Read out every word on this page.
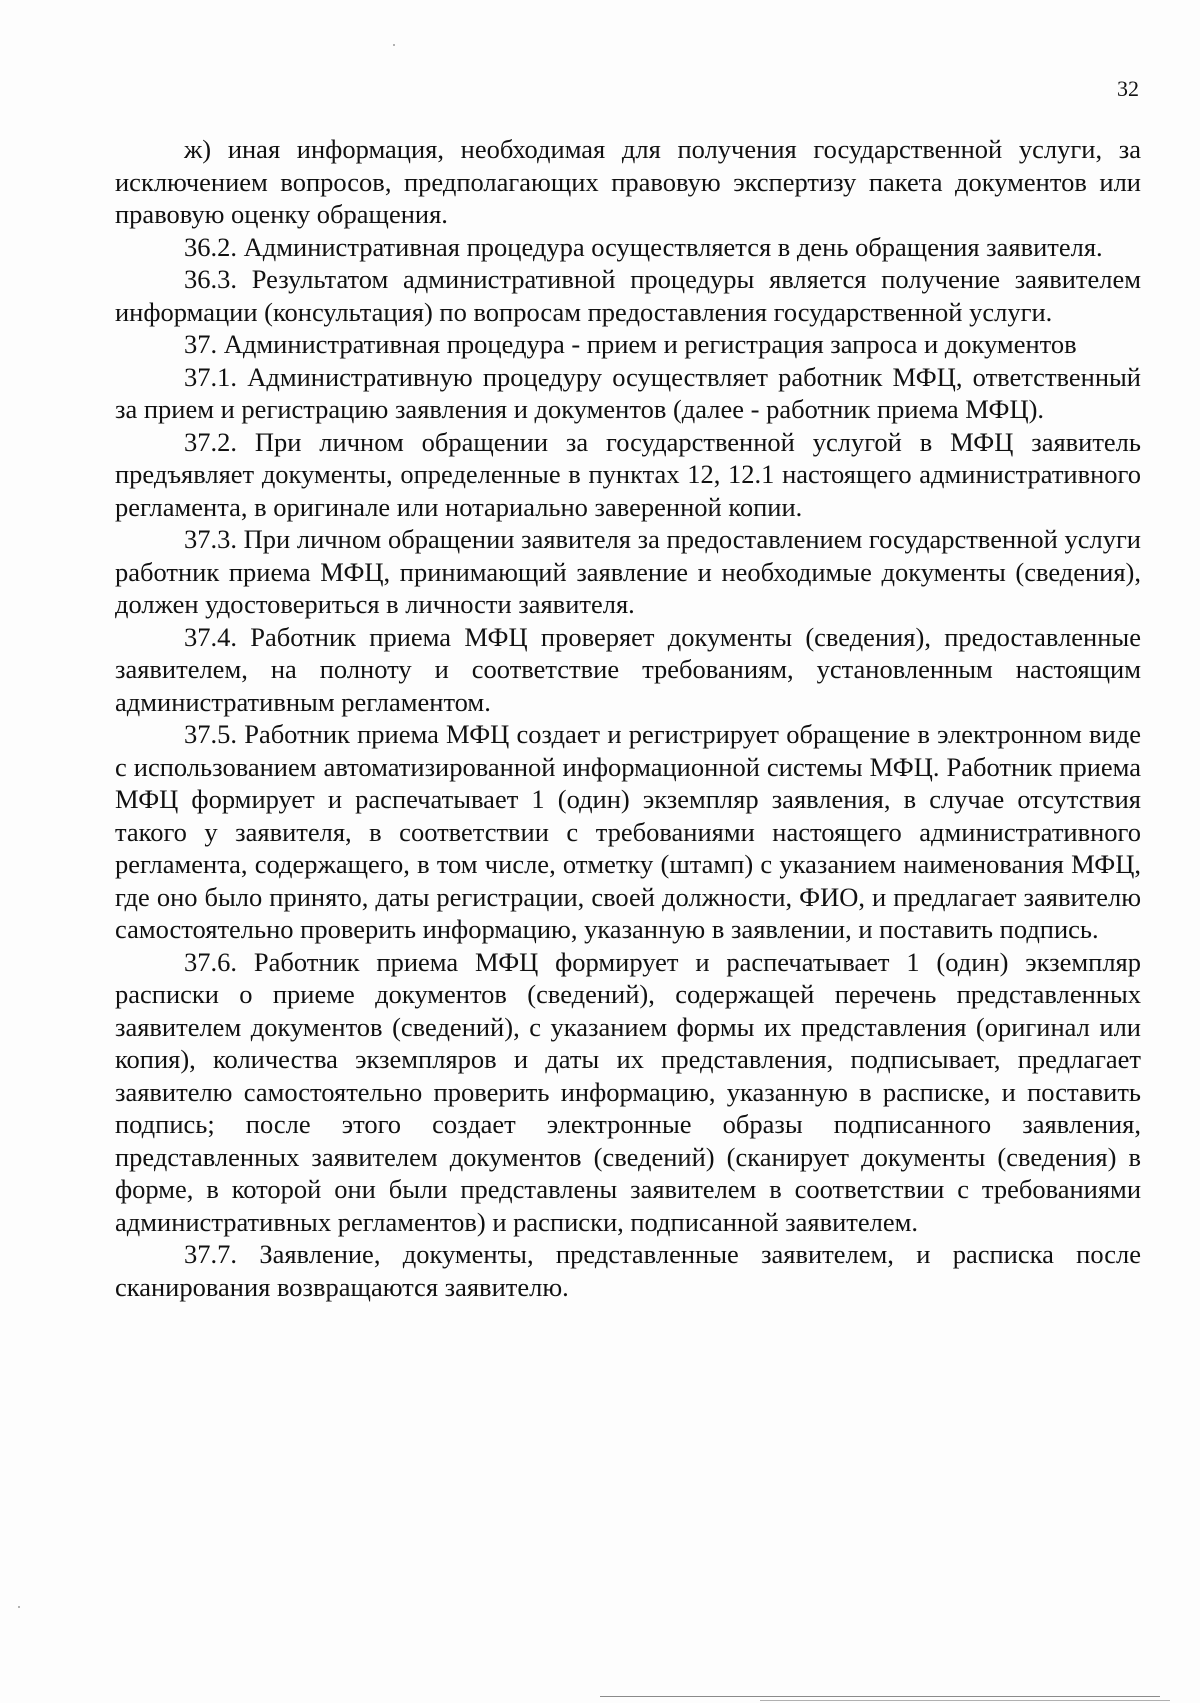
32

ж) иная информация, необходимая для получения государственной услуги, за исключением вопросов, предполагающих правовую экспертизу пакета документов или правовую оценку обращения.

36.2. Административная процедура осуществляется в день обращения заявителя.

36.3. Результатом административной процедуры является получение заявителем информации (консультация) по вопросам предоставления государственной услуги.

37. Административная процедура - прием и регистрация запроса и документов

37.1. Административную процедуру осуществляет работник МФЦ, ответственный за прием и регистрацию заявления и документов (далее - работник приема МФЦ).

37.2. При личном обращении за государственной услугой в МФЦ заявитель предъявляет документы, определенные в пунктах 12, 12.1 настоящего административного регламента, в оригинале или нотариально заверенной копии.

37.3. При личном обращении заявителя за предоставлением государственной услуги работник приема МФЦ, принимающий заявление и необходимые документы (сведения), должен удостовериться в личности заявителя.

37.4. Работник приема МФЦ проверяет документы (сведения), предоставленные заявителем, на полноту и соответствие требованиям, установленным настоящим административным регламентом.

37.5. Работник приема МФЦ создает и регистрирует обращение в электронном виде с использованием автоматизированной информационной системы МФЦ. Работник приема МФЦ формирует и распечатывает 1 (один) экземпляр заявления, в случае отсутствия такого у заявителя, в соответствии с требованиями настоящего административного регламента, содержащего, в том числе, отметку (штамп) с указанием наименования МФЦ, где оно было принято, даты регистрации, своей должности, ФИО, и предлагает заявителю самостоятельно проверить информацию, указанную в заявлении, и поставить подпись.

37.6. Работник приема МФЦ формирует и распечатывает 1 (один) экземпляр расписки о приеме документов (сведений), содержащей перечень представленных заявителем документов (сведений), с указанием формы их представления (оригинал или копия), количества экземпляров и даты их представления, подписывает, предлагает заявителю самостоятельно проверить информацию, указанную в расписке, и поставить подпись; после этого создает электронные образы подписанного заявления, представленных заявителем документов (сведений) (сканирует документы (сведения) в форме, в которой они были представлены заявителем в соответствии с требованиями административных регламентов) и расписки, подписанной заявителем.

37.7. Заявление, документы, представленные заявителем, и расписка после сканирования возвращаются заявителю.
